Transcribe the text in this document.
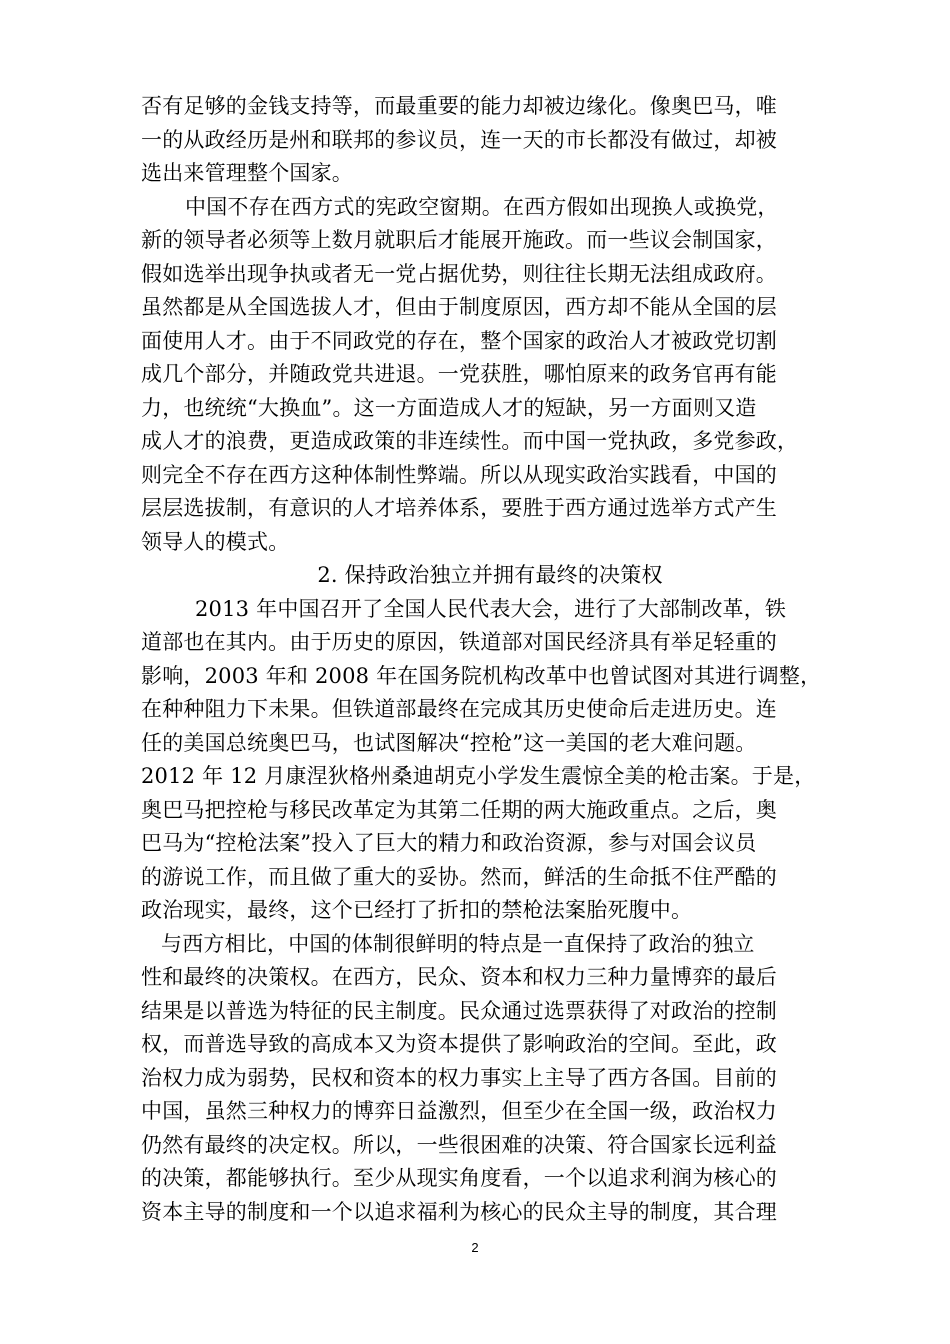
否有足够的金钱支持等，而最重要的能力却被边缘化。像奥巴马，唯
一的从政经历是州和联邦的参议员，连一天的市长都没有做过，却被
选出来管理整个国家。
中国不存在西方式的宪政空窗期。在西方假如出现换人或换党，
新的领导者必须等上数月就职后才能展开施政。而一些议会制国家，
假如选举出现争执或者无一党占据优势，则往往长期无法组成政府。
虽然都是从全国选拔人才，但由于制度原因，西方却不能从全国的层
面使用人才。由于不同政党的存在，整个国家的政治人才被政党切割
成几个部分，并随政党共进退。一党获胜，哪怕原来的政务官再有能
力，也统统“大换血”。这一方面造成人才的短缺，另一方面则又造
成人才的浪费，更造成政策的非连续性。而中国一党执政，多党参政，
则完全不存在西方这种体制性弊端。所以从现实政治实践看，中国的
层层选拔制，有意识的人才培养体系，要胜于西方通过选举方式产生
领导人的模式。
2. 保持政治独立并拥有最终的决策权
2013 年中国召开了全国人民代表大会，进行了大部制改革，铁
道部也在其内。由于历史的原因，铁道部对国民经济具有举足轻重的
影响，2003 年和 2008 年在国务院机构改革中也曾试图对其进行调整，
在种种阻力下未果。但铁道部最终在完成其历史使命后走进历史。连
任的美国总统奥巴马，也试图解决“控枪”这一美国的老大难问题。
2012 年 12 月康涅狄格州桑迪胡克小学发生震惊全美的枪击案。于是，
奥巴马把控枪与移民改革定为其第二任期的两大施政重点。之后，奥
巴马为“控枪法案”投入了巨大的精力和政治资源，参与对国会议员
的游说工作，而且做了重大的妥协。然而，鲜活的生命抵不住严酷的
政治现实，最终，这个已经打了折扣的禁枪法案胎死腹中。
与西方相比，中国的体制很鲜明的特点是一直保持了政治的独立
性和最终的决策权。在西方，民众、资本和权力三种力量博弈的最后
结果是以普选为特征的民主制度。民众通过选票获得了对政治的控制
权，而普选导致的高成本又为资本提供了影响政治的空间。至此，政
治权力成为弱势，民权和资本的权力事实上主导了西方各国。目前的
中国，虽然三种权力的博弈日益激烈，但至少在全国一级，政治权力
仍然有最终的决定权。所以，一些很困难的决策、符合国家长远利益
的决策，都能够执行。至少从现实角度看，一个以追求利润为核心的
资本主导的制度和一个以追求福利为核心的民众主导的制度，其合理
2
